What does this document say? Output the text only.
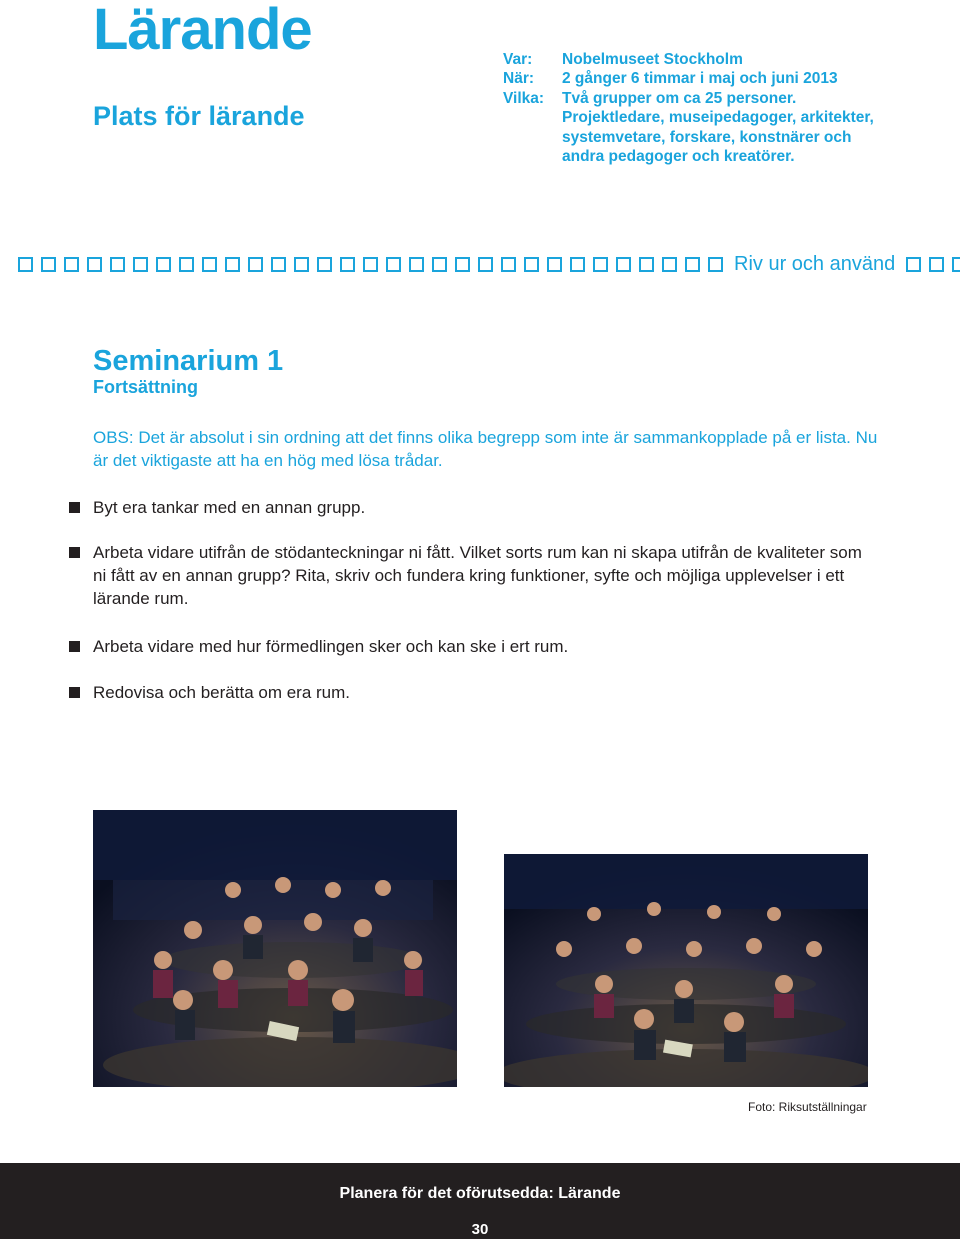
Lärande
Plats för lärande
Var:	Nobelmuseet Stockholm
När:	2 gånger 6 timmar i maj och juni 2013
Vilka:	Två grupper om ca 25 personer. Projektledare, museipedagoger, arkitekter, systemvetare, forskare, konstnärer och andra pedagoger och kreatörer.
Riv ur och använd
Seminarium 1
Fortsättning
OBS: Det är absolut i sin ordning att det finns olika begrepp som inte är sammankopplade på er lista. Nu är det viktigaste att ha en hög med lösa trådar.
Byt era tankar med en annan grupp.
Arbeta vidare utifrån de stödanteckningar ni fått. Vilket sorts rum kan ni skapa utifrån de kvaliteter som ni fått av en annan grupp? Rita, skriv och fundera kring funktioner, syfte och möjliga upplevelser i ett lärande rum.
Arbeta vidare med hur förmedlingen sker och kan ske i ert rum.
Redovisa och berätta om era rum.
Foto: Riksutställningar
Planera för det oförutsedda: Lärande
30
